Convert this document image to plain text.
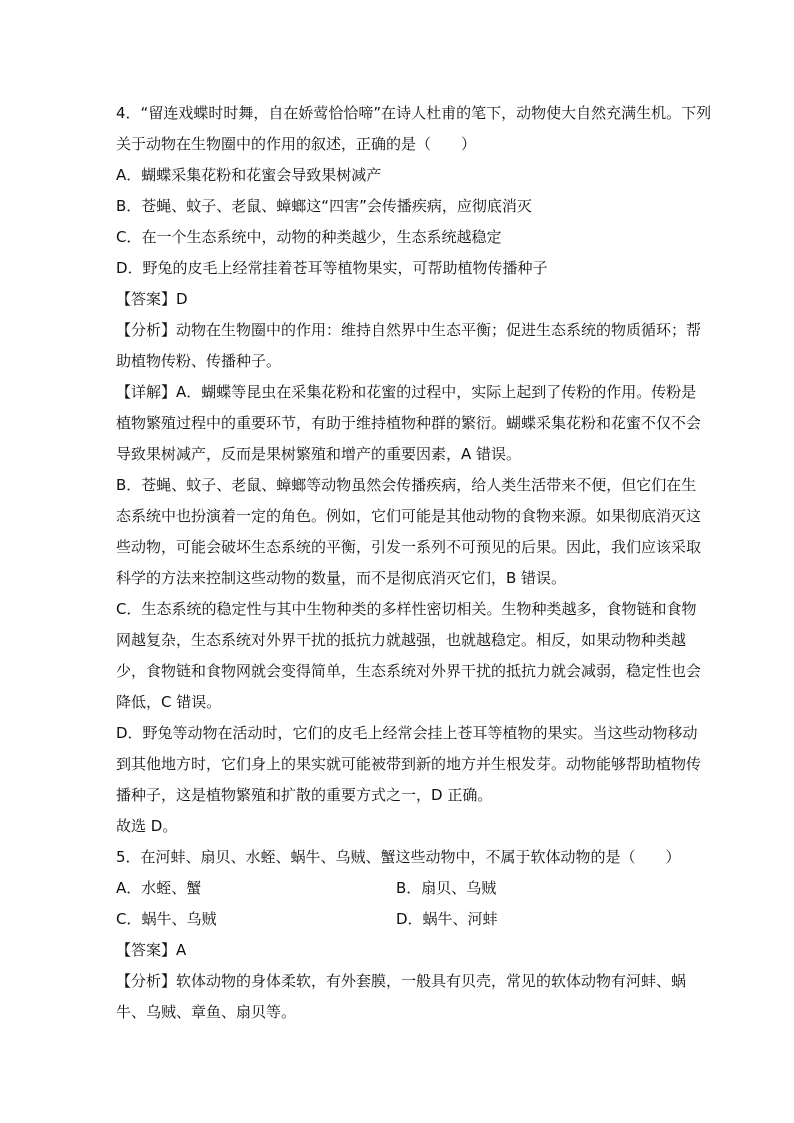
4．“留连戏蝶时时舞，自在娇莺恰恰啼”在诗人杜甫的笔下，动物使大自然充满生机。下列
关于动物在生物圈中的作用的叙述，正确的是（　　）
A．蝴蝶采集花粉和花蜜会导致果树减产
B．苍蝇、蚊子、老鼠、蟑螂这“四害”会传播疾病，应彻底消灭
C．在一个生态系统中，动物的种类越少，生态系统越稳定
D．野兔的皮毛上经常挂着苍耳等植物果实，可帮助植物传播种子
【答案】D
【分析】动物在生物圈中的作用：维持自然界中生态平衡；促进生态系统的物质循环；帮
助植物传粉、传播种子。
【详解】A．蝴蝶等昆虫在采集花粉和花蜜的过程中，实际上起到了传粉的作用。传粉是
植物繁殖过程中的重要环节，有助于维持植物种群的繁衍。蝴蝶采集花粉和花蜜不仅不会
导致果树减产，反而是果树繁殖和增产的重要因素，A 错误。
B．苍蝇、蚊子、老鼠、蟑螂等动物虽然会传播疾病，给人类生活带来不便，但它们在生
态系统中也扮演着一定的角色。例如，它们可能是其他动物的食物来源。如果彻底消灭这
些动物，可能会破坏生态系统的平衡，引发一系列不可预见的后果。因此，我们应该采取
科学的方法来控制这些动物的数量，而不是彻底消灭它们，B 错误。
C．生态系统的稳定性与其中生物种类的多样性密切相关。生物种类越多，食物链和食物
网越复杂，生态系统对外界干扰的抵抗力就越强，也就越稳定。相反，如果动物种类越
少，食物链和食物网就会变得简单，生态系统对外界干扰的抵抗力就会减弱，稳定性也会
降低，C 错误。
D．野兔等动物在活动时，它们的皮毛上经常会挂上苍耳等植物的果实。当这些动物移动
到其他地方时，它们身上的果实就可能被带到新的地方并生根发芽。动物能够帮助植物传
播种子，这是植物繁殖和扩散的重要方式之一，D 正确。
故选 D。
5．在河蚌、扇贝、水蛭、蜗牛、乌贼、蟹这些动物中，不属于软体动物的是（　　）
A．水蛭、蟹	B．扇贝、乌贼
C．蜗牛、乌贼	D．蜗牛、河蚌
【答案】A
【分析】软体动物的身体柔软，有外套膜，一般具有贝壳，常见的软体动物有河蚌、蜗
牛、乌贼、章鱼、扇贝等。
